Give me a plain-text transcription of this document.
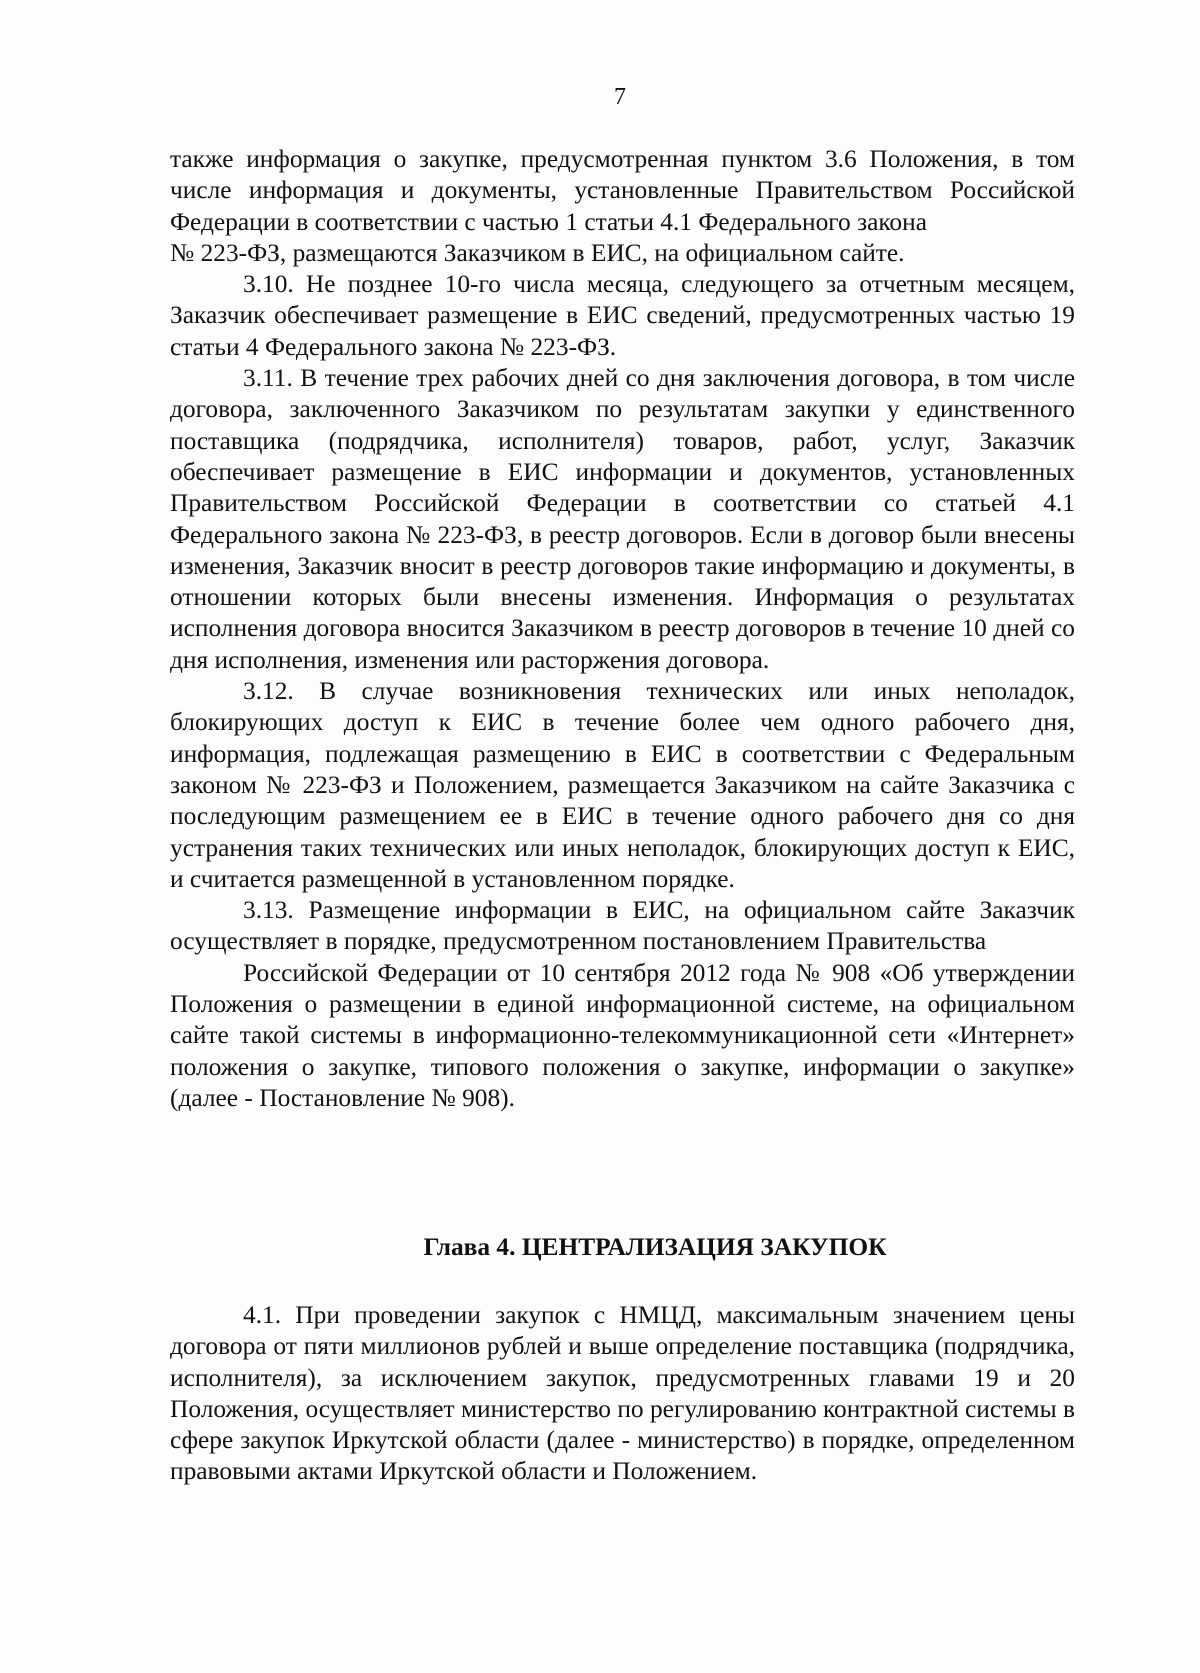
7

также информация о закупке, предусмотренная пунктом 3.6 Положения, в том числе информация и документы, установленные Правительством Российской Федерации в соответствии с частью 1 статьи 4.1 Федерального закона

№ 223-ФЗ, размещаются Заказчиком в ЕИС, на официальном сайте.

3.10. Не позднее 10-го числа месяца, следующего за отчетным месяцем, Заказчик обеспечивает размещение в ЕИС сведений, предусмотренных частью 19 статьи 4 Федерального закона № 223-ФЗ.

3.11. В течение трех рабочих дней со дня заключения договора, в том числе договора, заключенного Заказчиком по результатам закупки у единственного поставщика (подрядчика, исполнителя) товаров, работ, услуг, Заказчик обеспечивает размещение в ЕИС информации и документов, установленных Правительством Российской Федерации в соответствии со статьей 4.1 Федерального закона № 223-ФЗ, в реестр договоров. Если в договор были внесены изменения, Заказчик вносит в реестр договоров такие информацию и документы, в отношении которых были внесены изменения. Информация о результатах исполнения договора вносится Заказчиком в реестр договоров в течение 10 дней со дня исполнения, изменения или расторжения договора.

3.12. В случае возникновения технических или иных неполадок, блокирующих доступ к ЕИС в течение более чем одного рабочего дня, информация, подлежащая размещению в ЕИС в соответствии с Федеральным законом № 223-ФЗ и Положением, размещается Заказчиком на сайте Заказчика с последующим размещением ее в ЕИС в течение одного рабочего дня со дня устранения таких технических или иных неполадок, блокирующих доступ к ЕИС, и считается размещенной в установленном порядке.

3.13. Размещение информации в ЕИС, на официальном сайте Заказчик осуществляет в порядке, предусмотренном постановлением Правительства

Российской Федерации от 10 сентября 2012 года № 908 «Об утверждении Положения о размещении в единой информационной системе, на официальном сайте такой системы в информационно-телекоммуникационной сети «Интернет» положения о закупке, типового положения о закупке, информации о закупке» (далее - Постановление № 908).

Глава 4. ЦЕНТРАЛИЗАЦИЯ ЗАКУПОК

4.1. При проведении закупок с НМЦД, максимальным значением цены договора от пяти миллионов рублей и выше определение поставщика (подрядчика, исполнителя), за исключением закупок, предусмотренных главами 19 и 20 Положения, осуществляет министерство по регулированию контрактной системы в сфере закупок Иркутской области (далее - министерство) в порядке, определенном правовыми актами Иркутской области и Положением.
